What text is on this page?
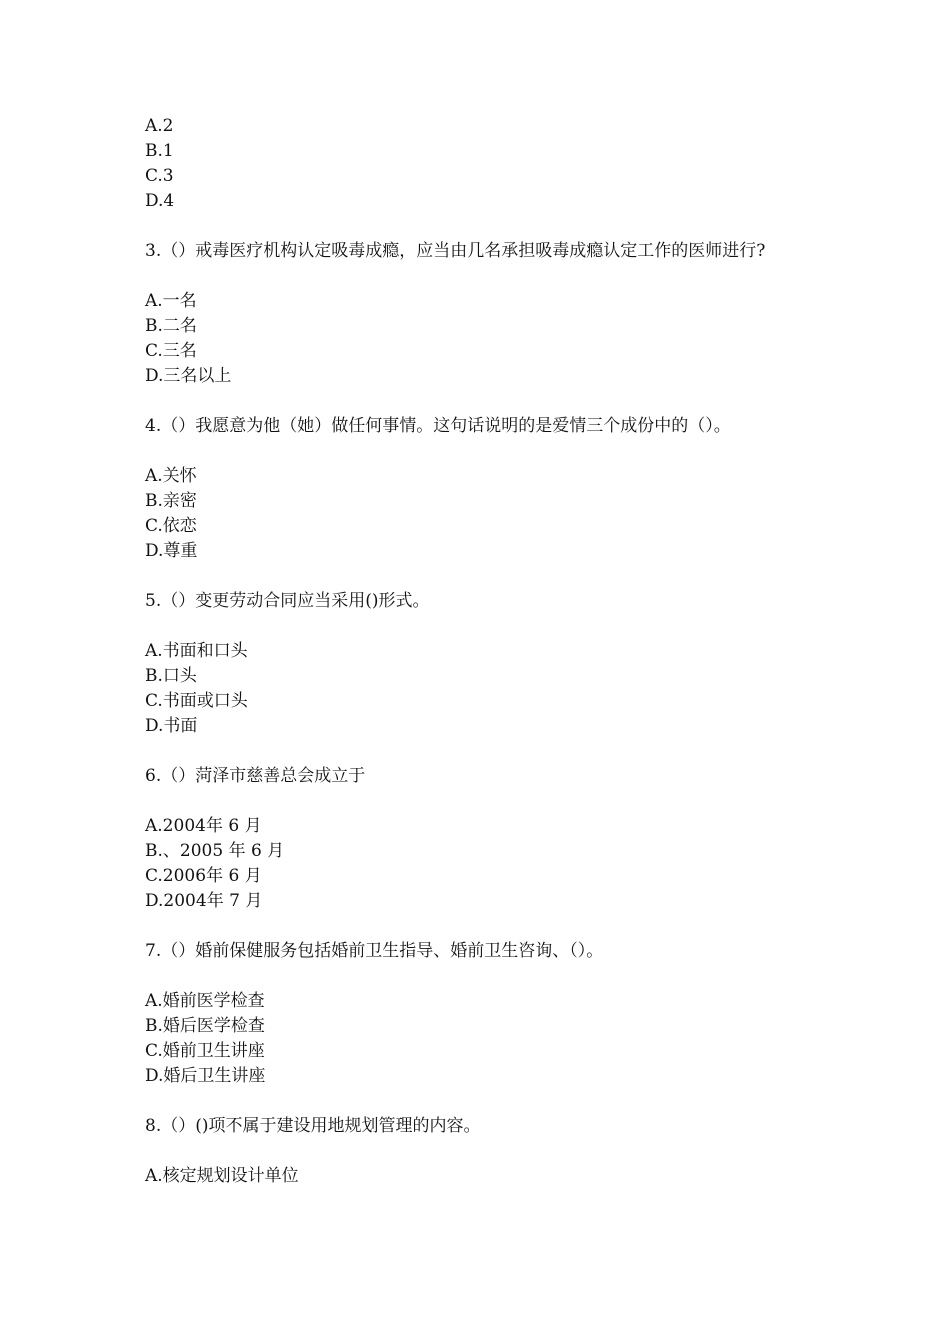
A.2
B.1
C.3
D.4
3.（）戒毒医疗机构认定吸毒成瘾，应当由几名承担吸毒成瘾认定工作的医师进行?
A.一名
B.二名
C.三名
D.三名以上
4.（）我愿意为他（她）做任何事情。这句话说明的是爱情三个成份中的（）。
A.关怀
B.亲密
C.依恋
D.尊重
5.（）变更劳动合同应当采用()形式。
A.书面和口头
B.口头
C.书面或口头
D.书面
6.（）菏泽市慈善总会成立于
A.2004年 6 月
B.、2005 年 6 月
C.2006年 6 月
D.2004年 7 月
7.（）婚前保健服务包括婚前卫生指导、婚前卫生咨询、（）。
A.婚前医学检查
B.婚后医学检查
C.婚前卫生讲座
D.婚后卫生讲座
8.（）()项不属于建设用地规划管理的内容。
A.核定规划设计单位
